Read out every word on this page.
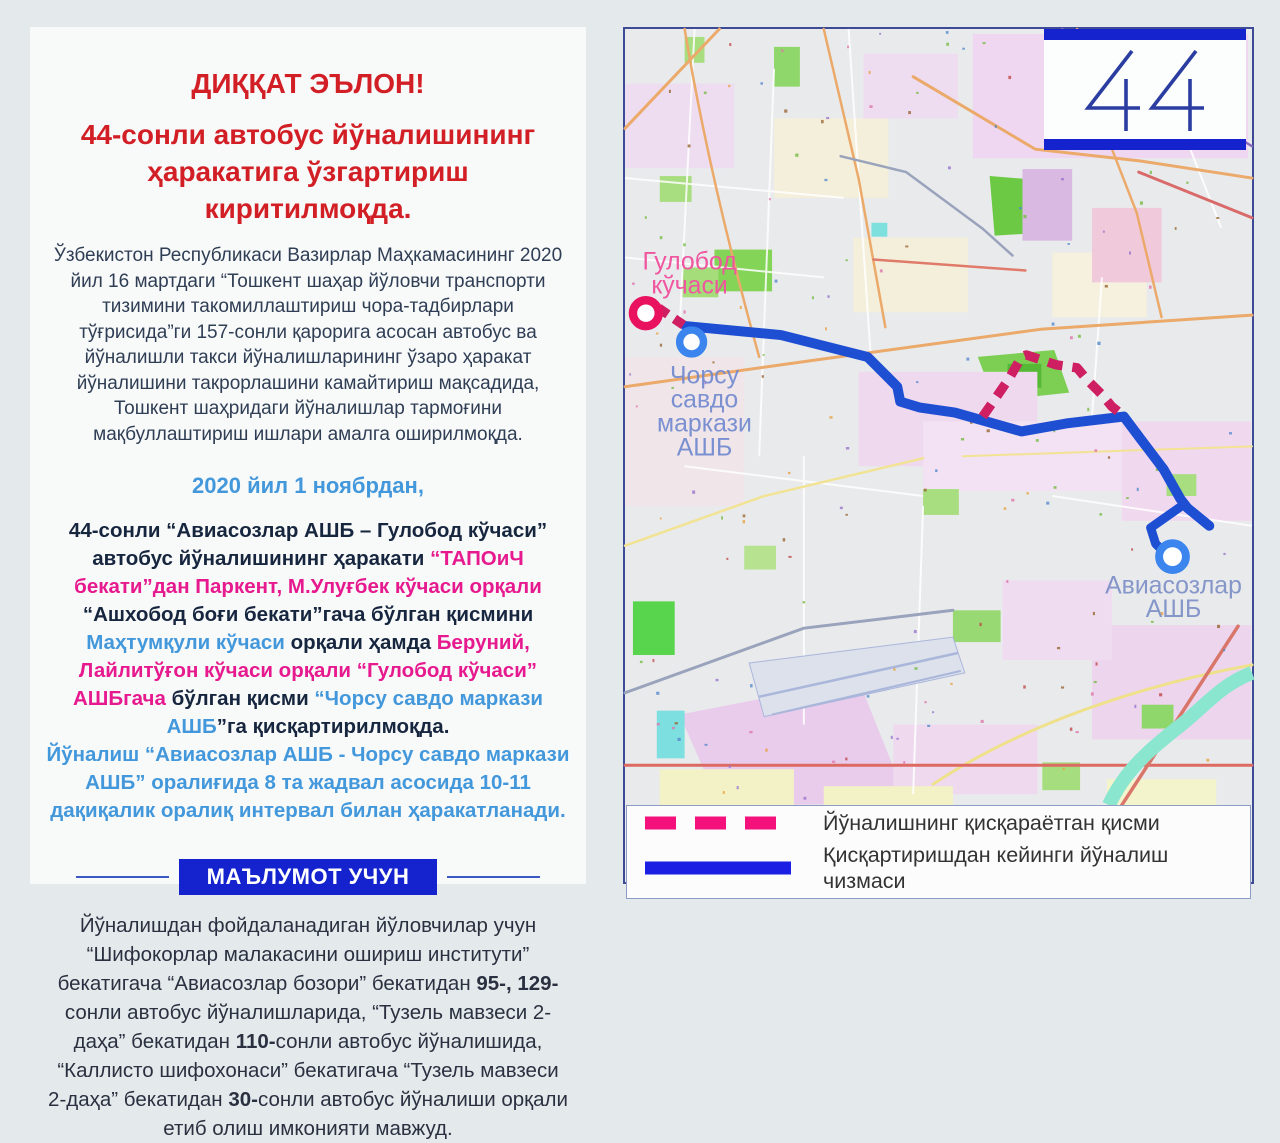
ДИҚҚАТ ЭЪЛОН!
44-сонли автобус йўналишининг ҳаракатига ўзгартириш киритилмоқда.

Ўзбекистон Республикаси Вазирлар Маҳкамасининг 2020 йил 16 мартдаги “Тошкент шаҳар йўловчи транспорти тизимини такомиллаштириш чора-тадбирлари тўғрисида”ги 157-сонли қарорига асосан автобус ва йўналишли такси йўналишларининг ўзаро ҳаракат йўналишини такрорлашини камайтириш мақсадида, Тошкент шаҳридаги йўналишлар тармоғини мақбуллаштириш ишлари амалга оширилмоқда.

2020 йил 1 ноябрдан,

44-сонли “Авиасозлар АШБ – Гулобод кўчаси” автобус йўналишининг ҳаракати “ТАПОиЧ бекати”дан Паркент, М.Улуғбек кўчаси орқали “Ашхобод боғи бекати”гача бўлган қисмини Маҳтумқули кўчаси орқали ҳамда Беруний, Лайлитўғон кўчаси орқали “Гулобод кўчаси” АШБгача бўлган қисми “Чорсу савдо маркази АШБ”га қисқартирилмоқда.

Йўналиш “Авиасозлар АШБ - Чорсу савдо маркази АШБ” оралиғида 8 та жадвал асосида 10-11 дақиқалик оралиқ интервал билан ҳаракатланади.

МАЪЛУМОТ УЧУН

Йўналишдан фойдаланадиган йўловчилар учун “Шифокорлар малакасини ошириш институти” бекатигача “Авиасозлар бозори” бекатидан 95-, 129-сонли автобус йўналишларида, “Тузель мавзеси 2-даҳа” бекатидан 110-сонли автобус йўналишида, “Каллисто шифохонаси” бекатигача “Тузель мавзеси 2-даҳа” бекатидан 30-сонли автобус йўналиши орқали етиб олиш имконияти мавжуд.

Гулобод
кўчаси
Чорсу
савдо
маркази
АШБ
Авиасозлар
АШБ
Йўналишнинг қисқараётган қисми
Қисқартиришдан кейинги йўналиш чизмаси
